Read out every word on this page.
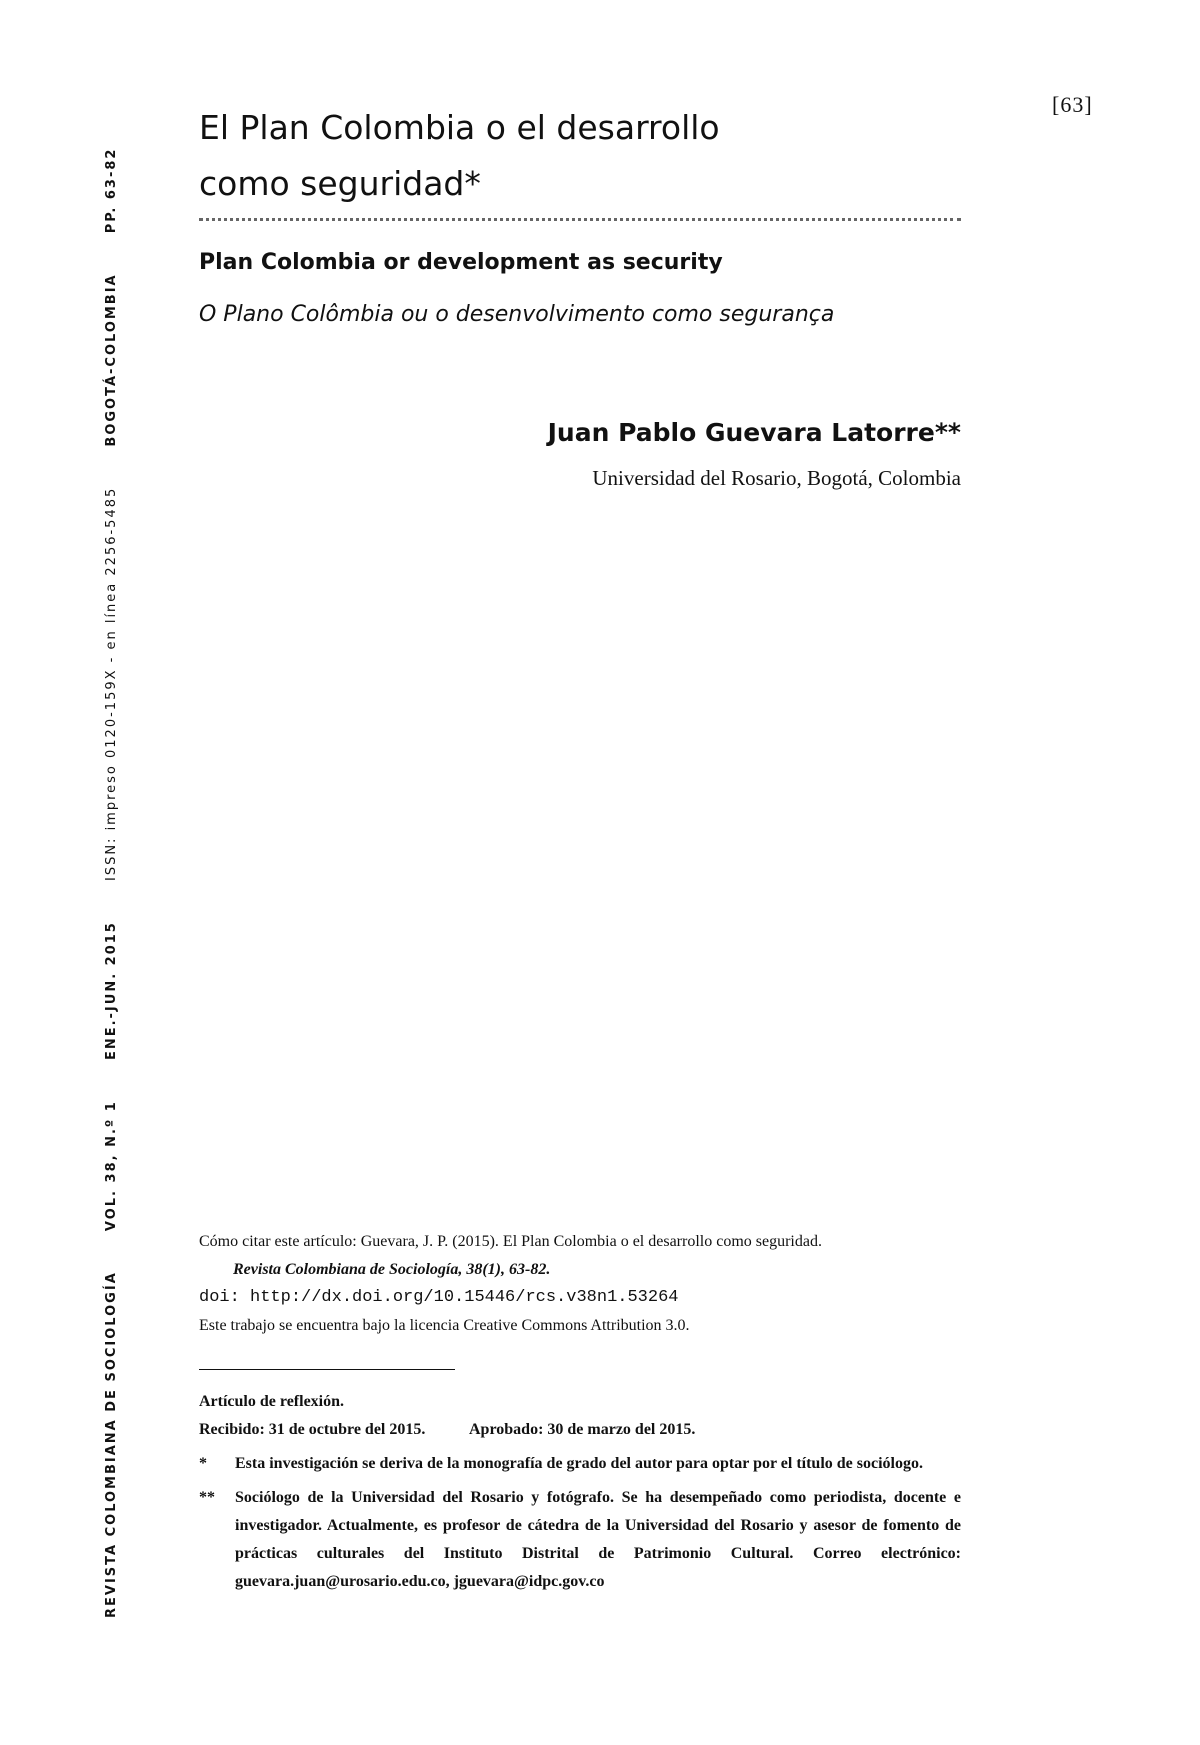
[63]
REVISTA COLOMBIANA DE SOCIOLOGÍA VOL. 38, N.º 1 ENE.-JUN. 2015 ISSN: impreso 0120-159X - en línea 2256-5485 BOGOTÁ-COLOMBIA PP. 63-82
El Plan Colombia o el desarrollo
como seguridad*
Plan Colombia or development as security
O Plano Colômbia ou o desenvolvimento como segurança
Juan Pablo Guevara Latorre**
Universidad del Rosario, Bogotá, Colombia
Cómo citar este artículo: Guevara, J. P. (2015). El Plan Colombia o el desarrollo como seguridad.
Revista Colombiana de Sociología, 38(1), 63-82.
doi: http://dx.doi.org/10.15446/rcs.v38n1.53264
Este trabajo se encuentra bajo la licencia Creative Commons Attribution 3.0.
Artículo de reflexión.
Recibido: 31 de octubre del 2015.	Aprobado: 30 de marzo del 2015.
*	Esta investigación se deriva de la monografía de grado del autor para optar por el título de sociólogo.
**	Sociólogo de la Universidad del Rosario y fotógrafo. Se ha desempeñado como periodista, docente e investigador. Actualmente, es profesor de cátedra de la Universidad del Rosario y asesor de fomento de prácticas culturales del Instituto Distrital de Patrimonio Cultural. Correo electrónico: guevara.juan@urosario.edu.co, jguevara@idpc.gov.co
